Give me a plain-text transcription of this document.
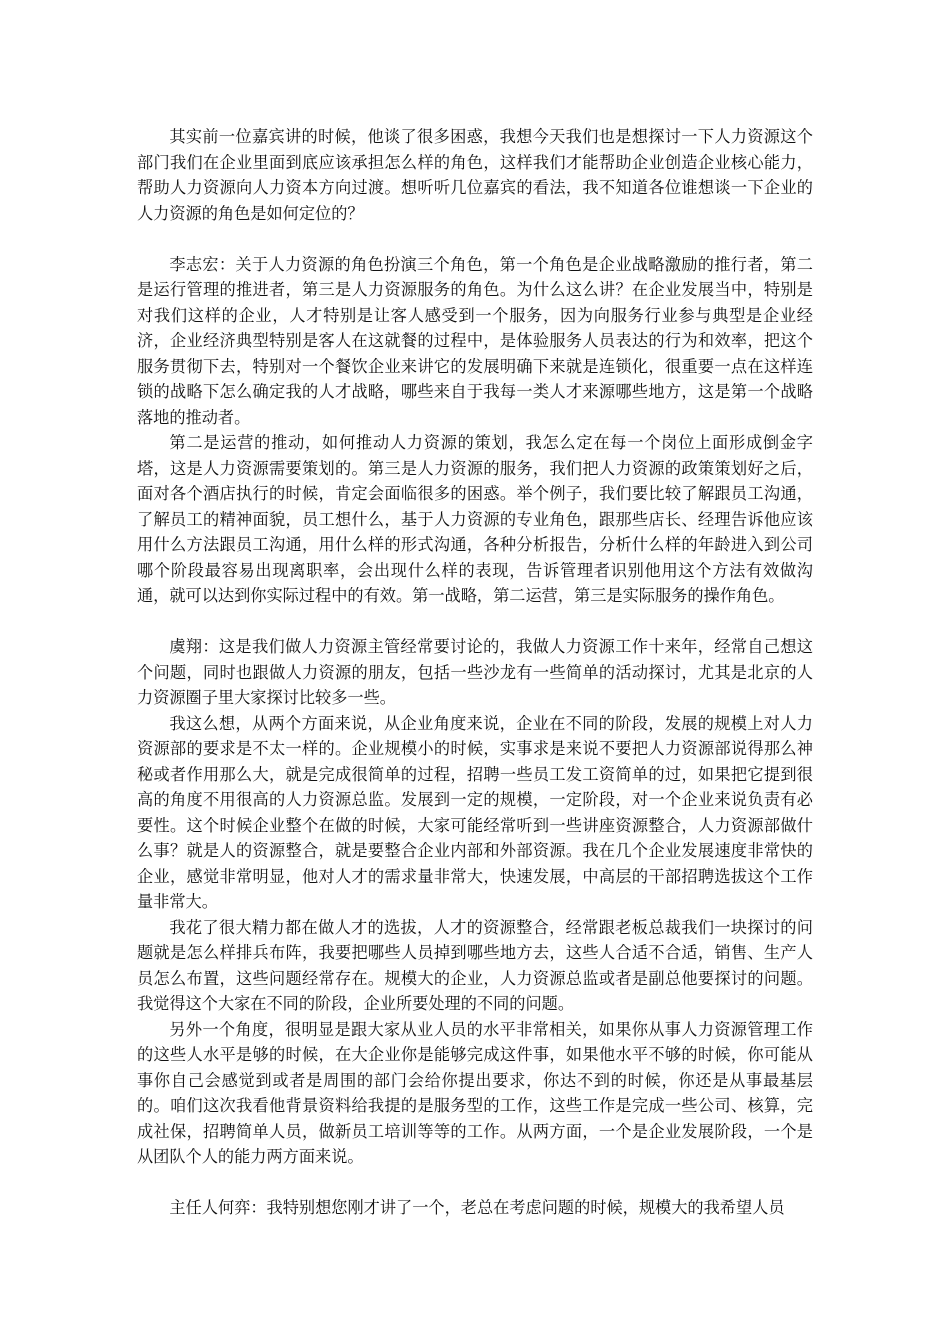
其实前一位嘉宾讲的时候，他谈了很多困惑，我想今天我们也是想探讨一下人力资源这个部门我们在企业里面到底应该承担怎么样的角色，这样我们才能帮助企业创造企业核心能力，帮助人力资源向人力资本方向过渡。想听听几位嘉宾的看法，我不知道各位谁想谈一下企业的人力资源的角色是如何定位的？

李志宏：关于人力资源的角色扮演三个角色，第一个角色是企业战略激励的推行者，第二是运行管理的推进者，第三是人力资源服务的角色。为什么这么讲？在企业发展当中，特别是对我们这样的企业，人才特别是让客人感受到一个服务，因为向服务行业参与典型是企业经济，企业经济典型特别是客人在这就餐的过程中，是体验服务人员表达的行为和效率，把这个服务贯彻下去，特别对一个餐饮企业来讲它的发展明确下来就是连锁化，很重要一点在这样连锁的战略下怎么确定我的人才战略，哪些来自于我每一类人才来源哪些地方，这是第一个战略落地的推动者。

第二是运营的推动，如何推动人力资源的策划，我怎么定在每一个岗位上面形成倒金字塔，这是人力资源需要策划的。第三是人力资源的服务，我们把人力资源的政策策划好之后，面对各个酒店执行的时候，肯定会面临很多的困惑。举个例子，我们要比较了解跟员工沟通，了解员工的精神面貌，员工想什么，基于人力资源的专业角色，跟那些店长、经理告诉他应该用什么方法跟员工沟通，用什么样的形式沟通，各种分析报告，分析什么样的年龄进入到公司哪个阶段最容易出现离职率，会出现什么样的表现，告诉管理者识别他用这个方法有效做沟通，就可以达到你实际过程中的有效。第一战略，第二运营，第三是实际服务的操作角色。

虞翔：这是我们做人力资源主管经常要讨论的，我做人力资源工作十来年，经常自己想这个问题，同时也跟做人力资源的朋友，包括一些沙龙有一些简单的活动探讨，尤其是北京的人力资源圈子里大家探讨比较多一些。

我这么想，从两个方面来说，从企业角度来说，企业在不同的阶段，发展的规模上对人力资源部的要求是不太一样的。企业规模小的时候，实事求是来说不要把人力资源部说得那么神秘或者作用那么大，就是完成很简单的过程，招聘一些员工发工资简单的过，如果把它提到很高的角度不用很高的人力资源总监。发展到一定的规模，一定阶段，对一个企业来说负责有必要性。这个时候企业整个在做的时候，大家可能经常听到一些讲座资源整合，人力资源部做什么事？就是人的资源整合，就是要整合企业内部和外部资源。我在几个企业发展速度非常快的企业，感觉非常明显，他对人才的需求量非常大，快速发展，中高层的干部招聘选拔这个工作量非常大。

我花了很大精力都在做人才的选拔，人才的资源整合，经常跟老板总裁我们一块探讨的问题就是怎么样排兵布阵，我要把哪些人员掉到哪些地方去，这些人合适不合适，销售、生产人员怎么布置，这些问题经常存在。规模大的企业，人力资源总监或者是副总他要探讨的问题。我觉得这个大家在不同的阶段，企业所要处理的不同的问题。

另外一个角度，很明显是跟大家从业人员的水平非常相关，如果你从事人力资源管理工作的这些人水平是够的时候，在大企业你是能够完成这件事，如果他水平不够的时候，你可能从事你自己会感觉到或者是周围的部门会给你提出要求，你达不到的时候，你还是从事最基层的。咱们这次我看他背景资料给我提的是服务型的工作，这些工作是完成一些公司、核算，完成社保，招聘简单人员，做新员工培训等等的工作。从两方面，一个是企业发展阶段，一个是从团队个人的能力两方面来说。

主任人何弈：我特别想您刚才讲了一个，老总在考虑问题的时候，规模大的我希望人员
